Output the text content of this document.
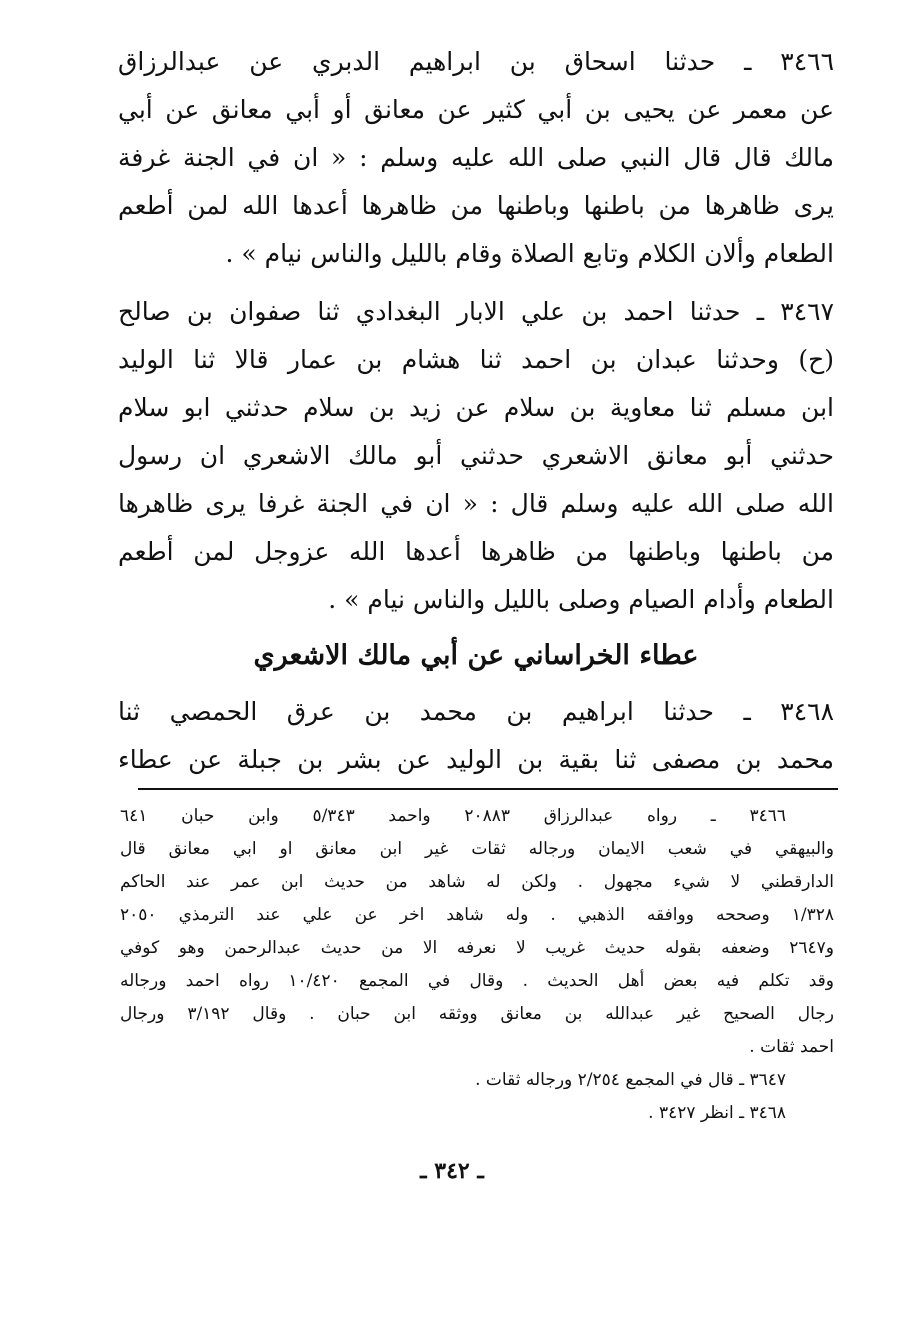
٣٤٦٦ ـ حدثنا اسحاق بن ابراهيم الدبري عن عبدالرزاق
عن معمر عن يحيى بن أبي كثير عن معانق أو أبي معانق عن أبي
مالك قال قال النبي صلى الله عليه وسلم : « ان في الجنة غرفة
يرى ظاهرها من باطنها وباطنها من ظاهرها أعدها الله لمن أطعم
الطعام وألان الكلام وتابع الصلاة وقام بالليل والناس نيام » .
٣٤٦٧ ـ حدثنا احمد بن علي الابار البغدادي ثنا صفوان بن صالح
(ح) وحدثنا عبدان بن احمد ثنا هشام بن عمار قالا ثنا الوليد
ابن مسلم ثنا معاوية بن سلام عن زيد بن سلام حدثني ابو سلام
حدثني أبو معانق الاشعري حدثني أبو مالك الاشعري ان رسول
الله صلى الله عليه وسلم قال : « ان في الجنة غرفا يرى ظاهرها
من باطنها وباطنها من ظاهرها أعدها الله عزوجل لمن أطعم
الطعام وأدام الصيام وصلى بالليل والناس نيام » .
عطاء الخراساني عن أبي مالك الاشعري
٣٤٦٨ ـ حدثنا ابراهيم بن محمد بن عرق الحمصي ثنا
محمد بن مصفى ثنا بقية بن الوليد عن بشر بن جبلة عن عطاء
٣٤٦٦ ـ رواه عبدالرزاق ٢٠٨٨٣ واحمد ٥/٣٤٣ وابن حبان ٦٤١
والبيهقي في شعب الايمان ورجاله ثقات غير ابن معانق او ابي معانق قال
الدارقطني لا شيء مجهول . ولكن له شاهد من حديث ابن عمر عند الحاكم
١/٣٢٨ وصححه ووافقه الذهبي . وله شاهد اخر عن علي عند الترمذي ٢٠٥٠
و٢٦٤٧ وضعفه بقوله حديث غريب لا نعرفه الا من حديث عبدالرحمن وهو كوفي
وقد تكلم فيه بعض أهل الحديث . وقال في المجمع ١٠/٤٢٠ رواه احمد ورجاله
رجال الصحيح غير عبدالله بن معانق ووثقه ابن حبان . وقال ٣/١٩٢ ورجال
احمد ثقات .
٣٦٤٧ ـ قال في المجمع ٢/٢٥٤ ورجاله ثقات .
٣٤٦٨ ـ انظر ٣٤٢٧ .
ـ ٣٤٢ ـ
